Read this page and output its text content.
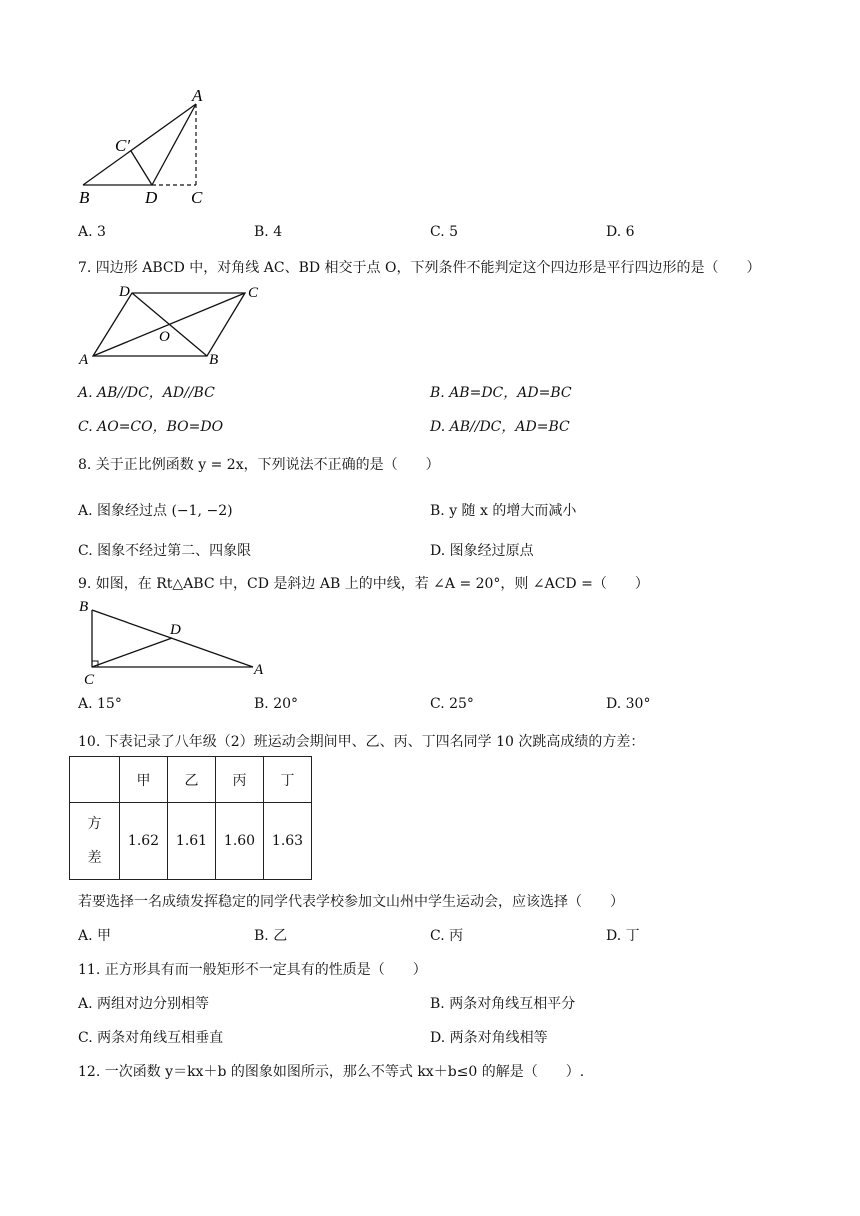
A
C′
B	D C
A. 3	B. 4	C. 5	D. 6
7. 四边形 ABCD 中，对角线 AC、BD 相交于点 O，下列条件不能判定这个四边形是平行四边形的是（　　）
D	C
O
A	B
A. AB//DC，AD//BC	B. AB=DC，AD=BC
C. AO=CO，BO=DO	D. AB//DC，AD=BC
8. 关于正比例函数 y = 2x，下列说法不正确的是（　　）
A. 图象经过点 (−1, −2)	B. y 随 x 的增大而减小
C. 图象不经过第二、四象限	D. 图象经过原点
9. 如图，在 Rt△ABC 中，CD 是斜边 AB 上的中线，若 ∠A = 20°，则 ∠ACD =（　　）
B
D
C
A
A. 15°	B. 20°	C. 25°	D. 30°
10. 下表记录了八年级（2）班运动会期间甲、乙、丙、丁四名同学 10 次跳高成绩的方差：
	甲	乙	丙	丁
方
差	1.62	1.61	1.60	1.63
若要选择一名成绩发挥稳定的同学代表学校参加文山州中学生运动会，应该选择（　　）
A. 甲	B. 乙	C. 丙	D. 丁
11. 正方形具有而一般矩形不一定具有的性质是（　　）
A. 两组对边分别相等	B. 两条对角线互相平分
C. 两条对角线互相垂直	D. 两条对角线相等
12. 一次函数 y＝kx＋b 的图象如图所示，那么不等式 kx＋b≤0 的解是（　　）.
